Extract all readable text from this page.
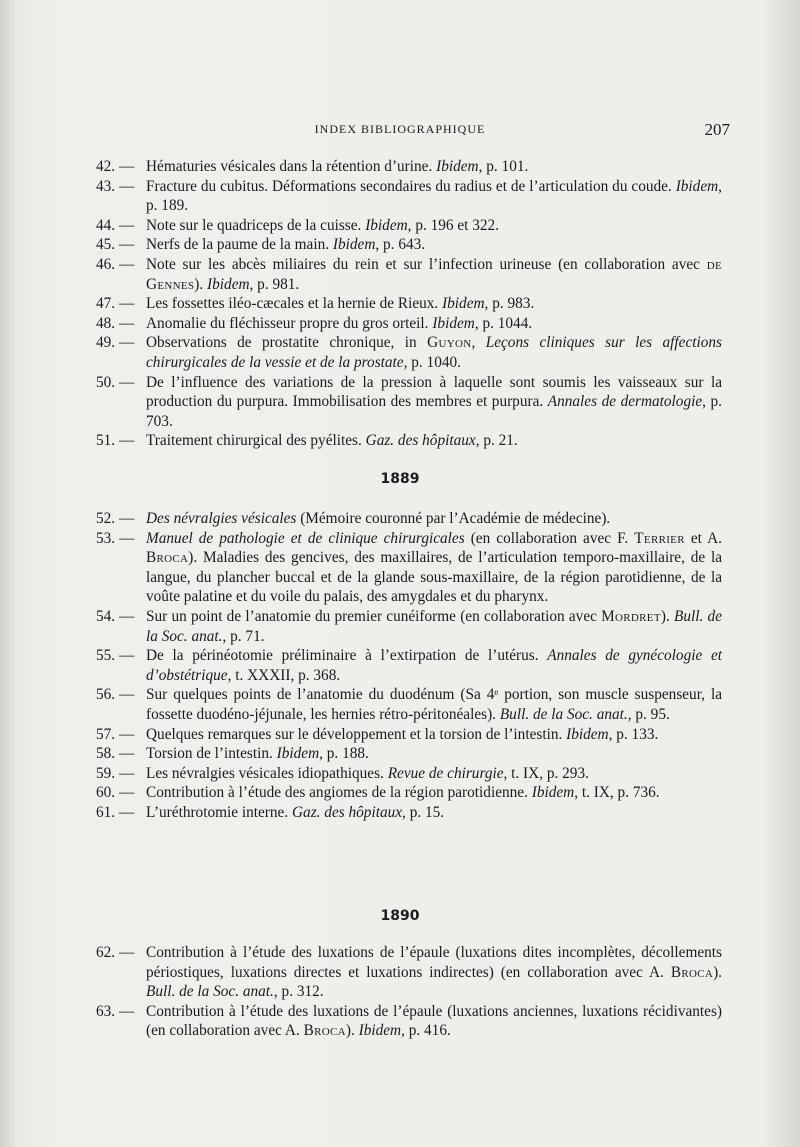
INDEX BIBLIOGRAPHIQUE	207

42. — Hématuries vésicales dans la rétention d’urine. Ibidem, p. 101.

43. — Fracture du cubitus. Déformations secondaires du radius et de l’articulation du coude. Ibidem, p. 189.

44. — Note sur le quadriceps de la cuisse. Ibidem, p. 196 et 322.

45. — Nerfs de la paume de la main. Ibidem, p. 643.

46. — Note sur les abcès miliaires du rein et sur l’infection urineuse (en collaboration avec de Gennes). Ibidem, p. 981.

47. — Les fossettes iléo-cæcales et la hernie de Rieux. Ibidem, p. 983.

48. — Anomalie du fléchisseur propre du gros orteil. Ibidem, p. 1044.

49. — Observations de prostatite chronique, in Guyon, Leçons cliniques sur les affections chirurgicales de la vessie et de la prostate, p. 1040.

50. — De l’influence des variations de la pression à laquelle sont soumis les vaisseaux sur la production du purpura. Immobilisation des membres et purpura. Annales de dermatologie, p. 703.

51. — Traitement chirurgical des pyélites. Gaz. des hôpitaux, p. 21.

1889

52. — Des névralgies vésicales (Mémoire couronné par l’Académie de médecine).

53. — Manuel de pathologie et de clinique chirurgicales (en collaboration avec F. Terrier et A. Broca). Maladies des gencives, des maxillaires, de l’articulation temporo-maxillaire, de la langue, du plancher buccal et de la glande sous-maxillaire, de la région parotidienne, de la voûte palatine et du voile du palais, des amygdales et du pharynx.

54. — Sur un point de l’anatomie du premier cunéiforme (en collaboration avec Mordret). Bull. de la Soc. anat., p. 71.

55. — De la périnéotomie préliminaire à l’extirpation de l’utérus. Annales de gynécologie et d’obstétrique, t. XXXII, p. 368.

56. — Sur quelques points de l’anatomie du duodénum (Sa 4ᵉ portion, son muscle suspenseur, la fossette duodéno-jéjunale, les hernies rétro-péritonéales). Bull. de la Soc. anat., p. 95.

57. — Quelques remarques sur le développement et la torsion de l’intestin. Ibidem, p. 133.

58. — Torsion de l’intestin. Ibidem, p. 188.

59. — Les névralgies vésicales idiopathiques. Revue de chirurgie, t. IX, p. 293.

60. — Contribution à l’étude des angiomes de la région parotidienne. Ibidem, t. IX, p. 736.

61. — L’uréthrotomie interne. Gaz. des hôpitaux, p. 15.

1890

62. — Contribution à l’étude des luxations de l’épaule (luxations dites incomplètes, décollements périostiques, luxations directes et luxations indirectes) (en collaboration avec A. Broca). Bull. de la Soc. anat., p. 312.

63. — Contribution à l’étude des luxations de l’épaule (luxations anciennes, luxations récidivantes) (en collaboration avec A. Broca). Ibidem, p. 416.
